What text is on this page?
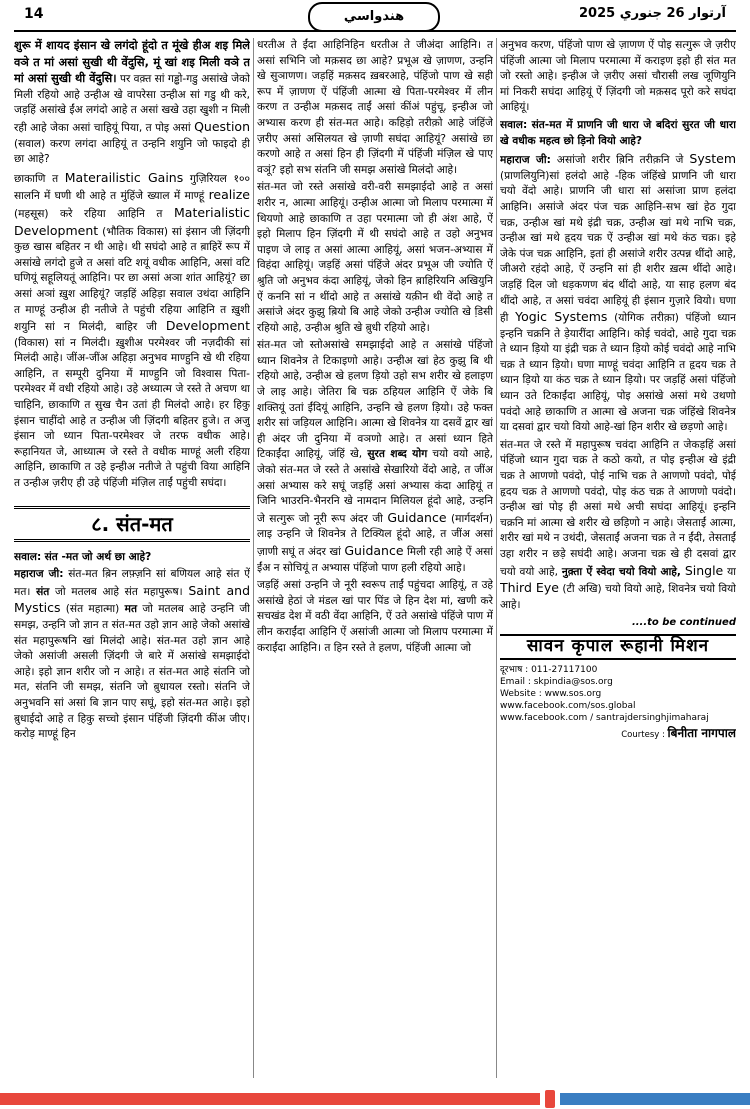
14	هندواسي	آرتوار 26 جنوري 2025

शुरू में शायद इंसान खे लगंदो हूंदो त मूंखे हीअ शइ मिले वञे त मां असां सुखी थी वेंदुसि, मूं खां शइ मिली वञे त मां असां सुखी थी वेंदुसि। पर वक़्त सां गड्ढो-गडु असांखे जेको मिली रहियो आहे उन्हीअ खे वापरेसा उन्हीअ सां गडु थी करे, जड़हिं असांखे ईंअ लगंदो आहे त असां खखे उहा खुशी न मिली रही आहे जेका असां चाहियूं पिया, त पोइ असां Question (सवाल) करण लगंदा आहियूं त उन्हनि शयुनि जो फाइदो ही छा आहे?

छाकाणि त Materailistic Gains गुज़िरियल १०० सालनि में घणी थी आहे त मुंहिंजे ख्याल में माण्हूं realize (महसूस) करे रहिया आहिनि त Materialistic Development (भौतिक विकास) सां इंसान जी ज़िंदगी कुछ खास बहितर न थी आहे। थी सघंदो आहे त ब़ाहिरें रूप में असांखे लगंदो हुजे त असां वटि शयूं वधीक आहिनि, असां वटि घणियूं सहूलियतूं आहिनि। पर छा असां अञा शांत आहियूं? छा असां अञां ख़ुश आहियूं? जड़हिं अहिड़ा सवाल उथंदा आहिनि त माण्हूं उन्हीअ ही नतीजे ते पहुंची रहिया आहिनि त ख़ुशी शयुनि सां न मिलंदी, बाहिर जी Development (विकास) सां न मिलंदी। ख़ुशीअ परमेश्वर जी नज़दीकी सां मिलंदी आहे। जींअ-जींअ अहिड़ा अनुभव माण्हुनि खे थी रहिया आहिनि, त सम्पूरी दुनिया में माण्हुनि जो विश्वास पिता-परमेश्वर में वधी रहियो आहे। उहे अध्यात्म जे रस्ते ते अचण था चाहिनि, छाकाणि त सुख चैन उतां ही मिलंदो आहे। हर हिकु इंसान चाहींदो आहे त उन्हीअ जी ज़िंदगी बहितर हुजे। त अजु इंसान जो ध्यान पिता-परमेश्वर जे तरफ वधीक आहे। रूहानियत जे, आध्यात्म जे रस्ते ते वधीक माण्हूं अली रहिया आहिनि, छाकाणि त उहे इन्हीअ नतीजे ते पहुंची विया आहिनि त उन्हीअ ज़रीए ही उहे पंहिंजी मंज़िल ताईं पहुंची सघंदा।

८. संत-मत

सवाल: संत -मत जो अर्थ छा आहे?

महाराज जी: संत-मत ब़िन लफ़्ज़नि सां बणियल आहे संत ऐं मत। संत जो मतलब आहे संत महापुरूष। Saint and Mystics (संत महात्मा) मत जो मतलब आहे उन्हनि जी समझ, उन्हनि जो ज्ञान त संत-मत उहो ज्ञान आहे जेको असांखे संत महापुरूषनि खां मिलंदो आहे। संत-मत उहो ज्ञान आहे जेको असांजी असली ज़िंदगी जे बारे में असांखे समझाईदो आहे। इहो ज्ञान शरीर जो न आहे। त संत-मत आहे संतनि जो मत, संतनि जी समझ, संतनि जो ब़ुधायल रस्तो। संतनि जे अनुभवनि सां असां बि ज्ञान पाए सघूं, इहो संत-मत आहे। इहो ब़ुधाईदो आहे त हिकु सच्चो इंसान पंहिंजी ज़िंदगी कींअ जीए। करोड़ माण्हूं हिन

धरतीअ ते ईंदा आहिनिहिन धरतीअ ते जीअंदा आहिनि। त असां सभिनि जो मक़सद छा आहे? प्रभूअ खे ज़ाणण, उन्हनि खे सुञाणण। जड़हिं मक़सद ख़बरआहे, पंहिंजो पाण खे सही रूप में ज़ाणण ऐं पंहिंजी आत्मा खे पिता-परमेश्वर में लीन करण त उन्हीअ मक़सद ताईं असां कींअं पहुंचू, इन्हीअ जो अभ्यास करण ही संत-मत आहे। कहिड़ो तरीक़ो आहे जंहिंजे ज़रीए असां असिलयत खे ज़ाणी सघंदा आहियूं? असांखे छा करणो आहे त असां हिन ही ज़िंदगी में पंहिंजी मंज़िल खे पाए वञूं? इहो सभ संतनि जी समझ असांखे मिलंदो आहे।

संत-मत जो रस्ते असांखे वरी-वरी समझाईदो आहे त असां शरीर न, आत्मा आहियूं। उन्हीअ आत्मा जो मिलाप परमात्मा में थियणो आहे छाकाणि त उहा परमात्मा जो ही अंश आहे, ऐं इहो मिलाप हिन ज़िंदगी में थी सघंदो आहे त उहो अनुभव पाइण जे लाइ त असां आत्मा आहियूं, असां भजन-अभ्यास में विहंदा आहियूं। जड़हिं असां पंहिंजे अंदर प्रभूअ जी ज्योति ऐं श्रुति जो अनुभव कंदा आहियूं, जेको हिन ब़ाहिरियनि अखियुनि ऐं कननि सां न थींदो आहे त असांखे यक़ीन थी वेंदो आहे त असांजे अंदर कुझु ब़ियो बि आहे जेको उन्हीअ ज्योति खे डि़सी रहियो आहे, उन्हीअ श्रुति खे ब़ुधी रहियो आहे।

संत-मत जो स्तोअसांखे समझाईदो आहे त असांखे पंहिंजो ध्यान शिवनेत्र ते टिकाइणो आहे। उन्हीअ खां हेठ कुझु बि थी रहियो आहे, उन्हीअ खे हलण ड़ियो उहो सभ शरीर खे हलाइण जे लाइ आहे। जेतिरा बि चक्र ठहियल आहिनि ऐं जेके बि शक्तियूं उतां ईंदियूं आहिनि, उन्हनि खे हलण ड़ियो। उहे फक्त शरीर सां जड़ियल आहिनि। आत्मा खे शिवनेत्र या दसवें द्वार खां ही अंदर जी दुनिया में वञणो आहे। त असां ध्यान हिते टिकाईंदा आहियूं, जंहिं खे, सुरत शब्द योग चयो वयो आहे, जेको संत-मत जे रस्ते ते असांखे सेखारियो वेंदो आहे, त जींअ असां अभ्यास करे सघूं जड़हिं असां अभ्यास कंदा आहियूं त जिनि भाउरनि-भैनरनि खे नामदान मिलियल हूंदो आहे, उन्हनि जे सत्गुरू जो नूरी रूप अंदर जी Guidance (मार्गदर्शन) लाइ उन्हनि जे शिवनेत्र ते टिक्यिल हूंदो आहे, त जींअ असां ज़ाणी सघूं त अंदर खां Guidance मिली रही आहे ऐं असां ईंअ न सोचियूं त अभ्यास पंहिंजो पाण हली रहियो आहे।

जड़हिं असां उन्हनि जे नूरी स्वरूप ताईं पहुंचदा आहियूं, त उहे असांखे हेठां जे मंडल खां पार पिंड जे हिन देश मां, खणी करे सचखंड देश में वठी वेंदा आहिनि, ऐं उते असांखे पंहिंजे पाण में लीन कराईंदा आहिनि ऐं असांजी आत्मा जो मिलाप परमात्मा में कराईंदा आहिनि। त हिन रस्ते ते हलण, पंहिंजी आत्मा जो

अनुभव करण, पंहिंजो पाण खे ज़ाणण ऐं पोइ सत्गुरू जे ज़रीए पंहिंजी आत्मा जो मिलाप परमात्मा में कराइण इहो ही संत मत जो रस्तो आहे। इन्हीअ जे ज़रीए असां चौरासी लख जूणियुनि मां निकरी सघंदा आहियूं ऐं ज़िंदगी जो मक़सद पूरो करे सघंदा आहियूं।

सवाल: संत-मत में प्राणनि जी धारा जे बदिरां सुरत जी धारा खे वधीक महत्व छो ड़िनो वियो आहे?

महाराज जी: असांजो शरीर ब़िनि तरीक़नि जे System (प्राणलियुनि)सां हलंदो आहे -हिक जंहिंखे प्राणनि जी धारा चयो वेंदो आहे। प्राणनि जी धारा सां असांजा प्राण हलंदा आहिनि। असांजे अंदर पंज चक्र आहिनि-सभ खां हेठ गुदा चक्र, उन्हीअ खां मथे इंद्री चक्र, उन्हीअ खां मथे नाभि चक्र, उन्हीअ खां मथे हृदय चक्र ऐं उन्हीअ खां मथे कंठ चक्र। इहे जेके पंज चक्र आहिनि, इतां ही असांजे शरीर उत्पन्न थींदो आहे, जीअरो रहंदो आहे, ऐं उन्हनि सां ही शरीर ख़त्म थींदो आहे। जड़हिं दिल जो धड़कणण बंद थींदो आहे, या साह हलण बंद थींदो आहे, त असां चवंदा आहियूं ही इंसान गुज़ारे वियो। घणा ही Yogic Systems (योगिक तरीक़ा) पंहिंजो ध्यान इन्हनि चक्रनि ते ड़ेयारींदा आहिनि। कोई चवंदो, आहे गुदा चक्र ते ध्यान ड़ियो या इंद्री चक्र ते ध्यान ड़ियो कोई चवंदो आहे नाभि चक्र ते ध्यान ड़ियो। घणा माण्हूं चवंदा आहिनि त हृदय चक्र ते ध्यान ड़ियो या कंठ चक्र ते ध्यान ड़ियो। पर जड़हिं असां पंहिंजो ध्यान उते टिकाईंदा आहियूं, पोइ असांखे असां मथे उथणो पवंदो आहे छाकाणि त आत्मा खे अजना चक्र जंहिंखे शिवनेत्र या दसवां द्वार चयो वियो आहे-खां हिन शरीर खे छड़णो आहे।

संत-मत जे रस्ते में महापुरूष चवंदा आहिनि त जेकड़हिं असां पंहिंजो ध्यान गुदा चक्र ते कठो कयो, त पोइ इन्हीअ खे इंद्री चक्र ते आणणो पवंदो, पोई नाभि चक्र ते आणणो पवंदो, पोई हृदय चक्र ते आणणो पवंदो, पोइ कंठ चक्र ते आणणो पवंदो। उन्हीअ खां पोइ ही असां मथे अची सघंदा आहियूं। इन्हनि चक्रनि मां आत्मा खे शरीर खे छड़िणो न आहे। जेसताईं आत्मा, शरीर खां मथे न उथंदी, जेसताईं अजना चक्र ते न ईंदी, तेसताईं उहा शरीर न छड़े सघंदी आहे। अजना चक्र खे ही दसवां द्वार चयो वयो आहे, नुक़्ता ऐं स्वेदा चयो वियो आहे, Single या Third Eye (टी अखि) चयो वियो आहे, शिवनेत्र चयो वियो आहे।

....to be continued
सावन कृपाल रूहानी मिशन
दूरभाष : 011-27117100
Email : skpindia@sos.org
Website : www.sos.org
www.facebook.com/sos.global
www.facebook.com / santrajdersinghjimaharaj
Courtesy : बिनीता नागपाल
